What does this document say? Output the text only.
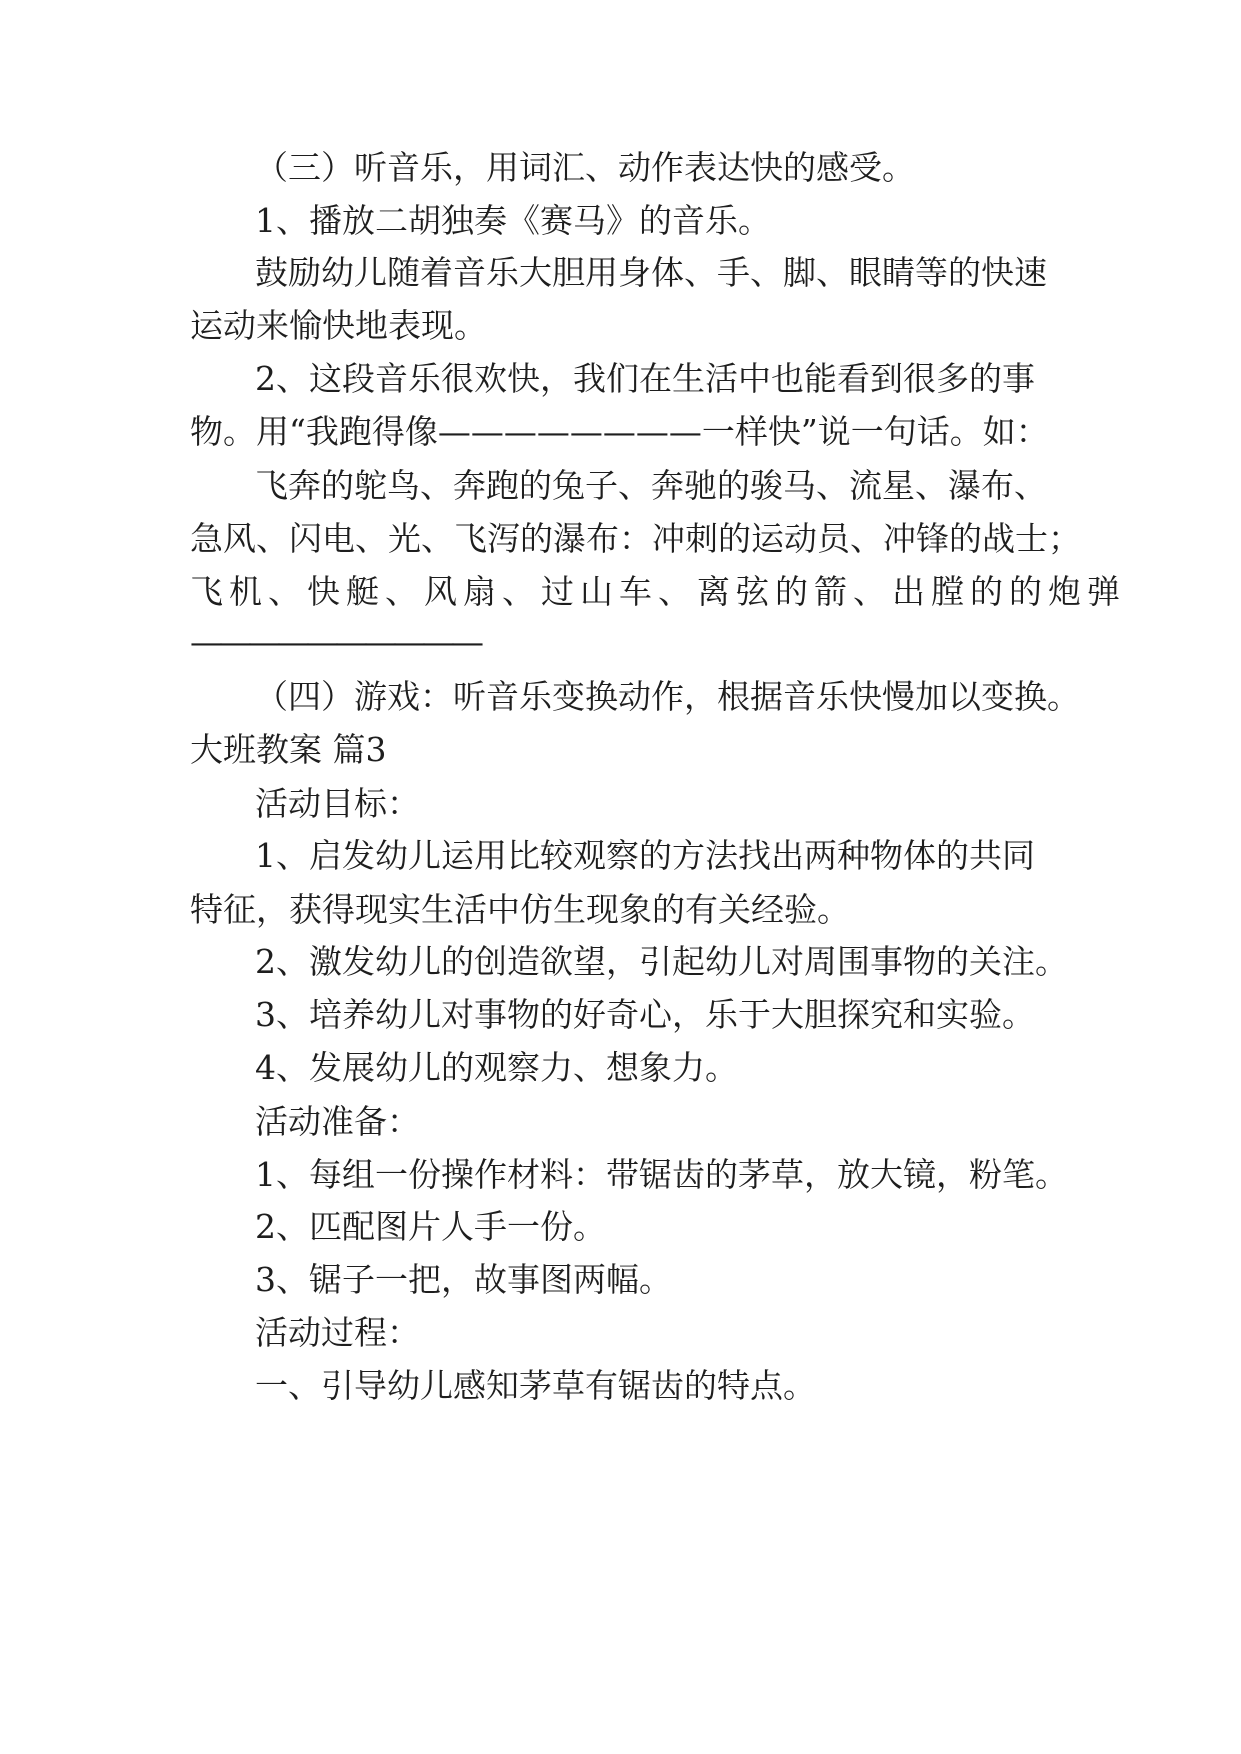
（三）听音乐，用词汇、动作表达快的感受。

1、播放二胡独奏《赛马》的音乐。

鼓励幼儿随着音乐大胆用身体、手、脚、眼睛等的快速

运动来愉快地表现。

2、这段音乐很欢快，我们在生活中也能看到很多的事

物。用“我跑得像————————一样快”说一句话。如：

飞奔的鸵鸟、奔跑的兔子、奔驰的骏马、流星、瀑布、

急风、闪电、光、飞泻的瀑布：冲刺的运动员、冲锋的战士；

飞机、快艇、风扇、过山车、离弦的箭、出膛的的炮弹

——————————

（四）游戏：听音乐变换动作，根据音乐快慢加以变换。

大班教案 篇3

活动目标：

1、启发幼儿运用比较观察的方法找出两种物体的共同

特征，获得现实生活中仿生现象的有关经验。

2、激发幼儿的创造欲望，引起幼儿对周围事物的关注。

3、培养幼儿对事物的好奇心，乐于大胆探究和实验。

4、发展幼儿的观察力、想象力。

活动准备：

1、每组一份操作材料：带锯齿的茅草，放大镜，粉笔。

2、匹配图片人手一份。

3、锯子一把，故事图两幅。

活动过程：

一、引导幼儿感知茅草有锯齿的特点。
